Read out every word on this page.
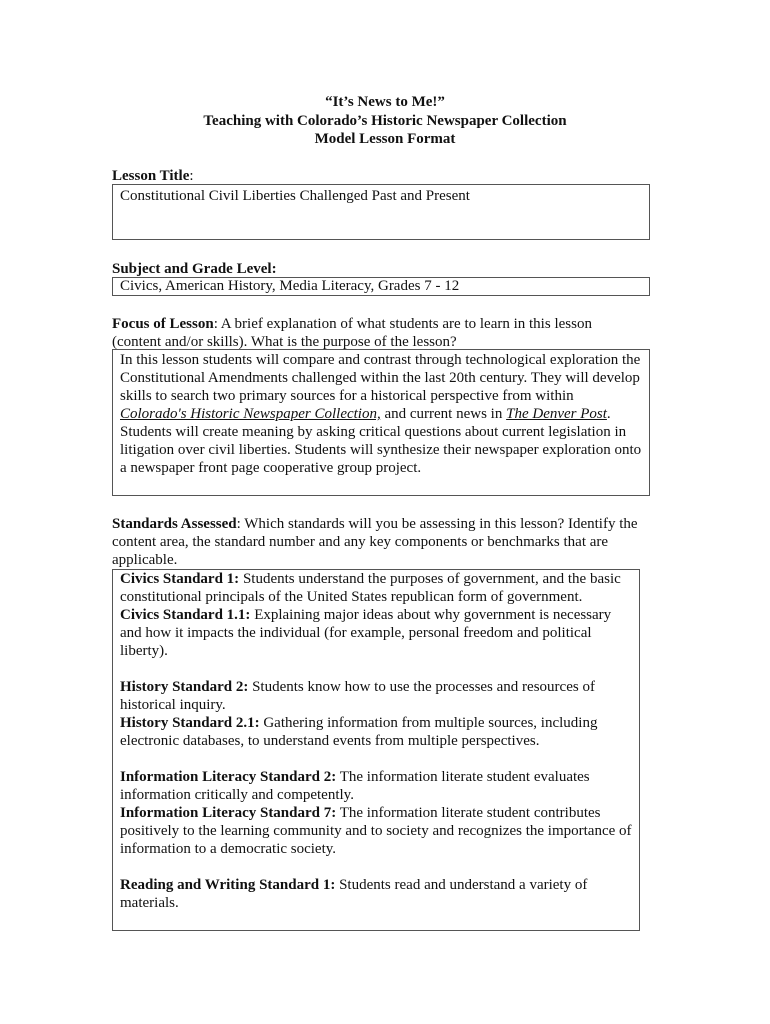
“It’s News to Me!”
Teaching with Colorado’s Historic Newspaper Collection
Model Lesson Format
Lesson Title:
Constitutional Civil Liberties Challenged Past and Present
Subject and Grade Level:
Civics, American History, Media Literacy, Grades 7 - 12
Focus of Lesson: A brief explanation of what students are to learn in this lesson
(content and/or skills). What is the purpose of the lesson?

In this lesson students will compare and contrast through technological exploration the Constitutional Amendments challenged within the last 20th century. They will develop skills to search two primary sources for a historical perspective from within Colorado's Historic Newspaper Collection, and current news in The Denver Post. Students will create meaning by asking critical questions about current legislation in litigation over civil liberties. Students will synthesize their newspaper exploration onto a newspaper front page cooperative group project.

Standards Assessed: Which standards will you be assessing in this lesson? Identify the content area, the standard number and any key components or benchmarks that are applicable.

Civics Standard 1: Students understand the purposes of government, and the basic constitutional principals of the United States republican form of government.

Civics Standard 1.1: Explaining major ideas about why government is necessary and how it impacts the individual (for example, personal freedom and political liberty).

History Standard 2: Students know how to use the processes and resources of historical inquiry.

History Standard 2.1: Gathering information from multiple sources, including electronic databases, to understand events from multiple perspectives.

Information Literacy Standard 2: The information literate student evaluates information critically and competently.

Information Literacy Standard 7: The information literate student contributes positively to the learning community and to society and recognizes the importance of information to a democratic society.

Reading and Writing Standard 1: Students read and understand a variety of materials.
